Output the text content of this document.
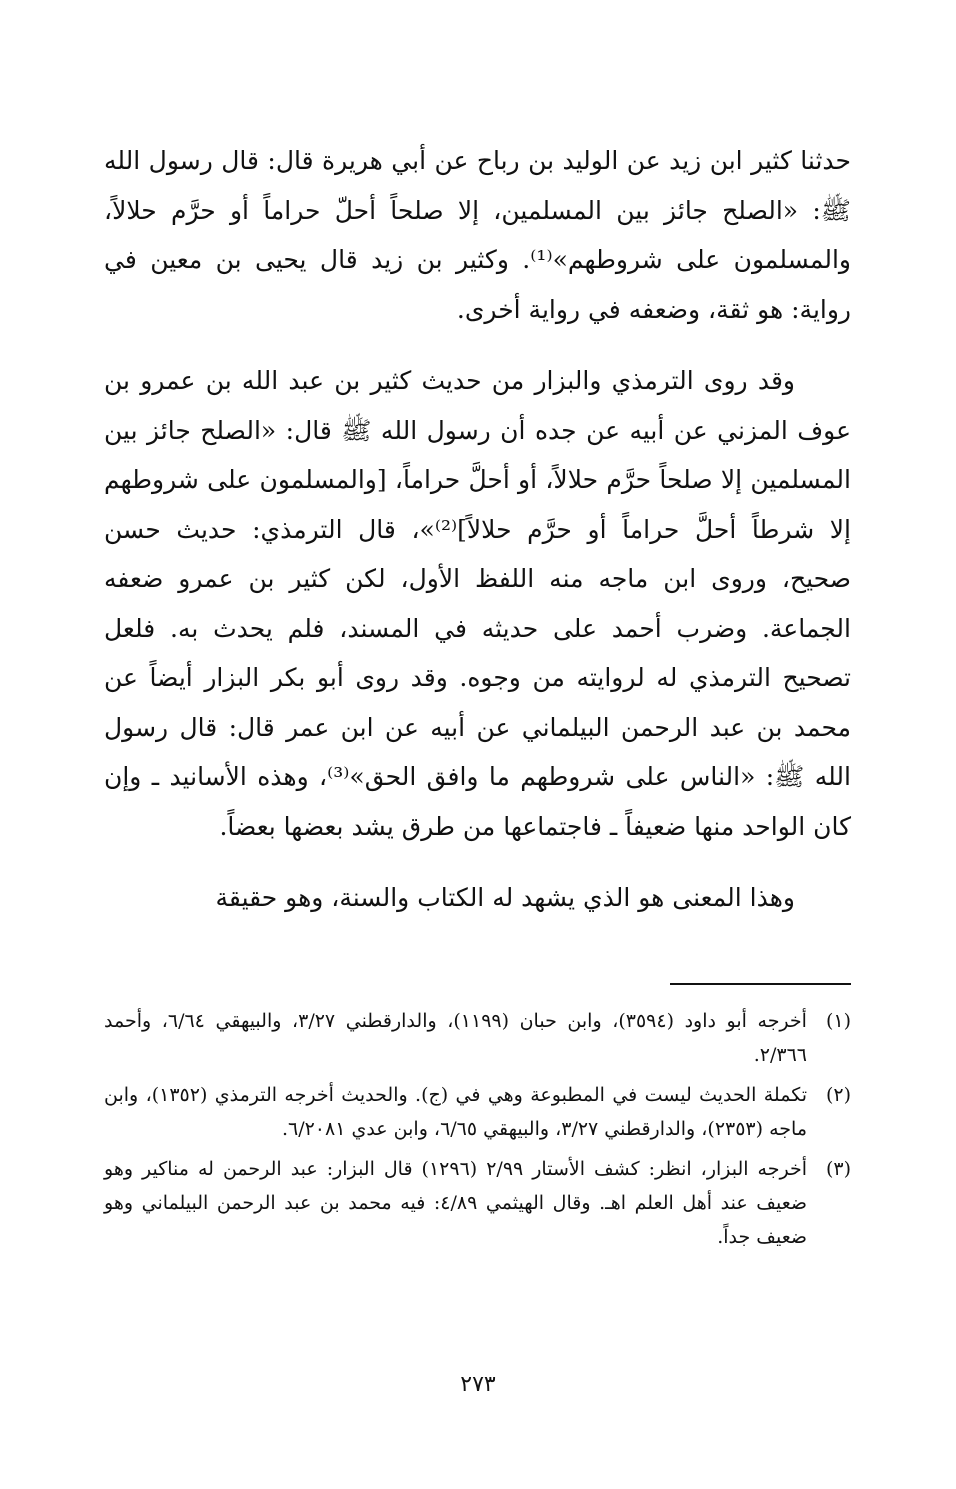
حدثنا كثير ابن زيد عن الوليد بن رباح عن أبي هريرة قال: قال رسول الله ﷺ: «الصلح جائز بين المسلمين، إلا صلحاً أحلّ حراماً أو حرَّم حلالاً، والمسلمون على شروطهم»⁽¹⁾. وكثير بن زيد قال يحيى بن معين في رواية: هو ثقة، وضعفه في رواية أخرى.

وقد روى الترمذي والبزار من حديث كثير بن عبد الله بن عمرو بن عوف المزني عن أبيه عن جده أن رسول الله ﷺ قال: «الصلح جائز بين المسلمين إلا صلحاً حرَّم حلالاً، أو أحلَّ حراماً، [والمسلمون على شروطهم إلا شرطاً أحلَّ حراماً أو حرَّم حلالاً]⁽²⁾»، قال الترمذي: حديث حسن صحيح، وروى ابن ماجه منه اللفظ الأول، لكن كثير بن عمرو ضعفه الجماعة. وضرب أحمد على حديثه في المسند، فلم يحدث به. فلعل تصحيح الترمذي له لروايته من وجوه. وقد روى أبو بكر البزار أيضاً عن محمد بن عبد الرحمن البيلماني عن أبيه عن ابن عمر قال: قال رسول الله ﷺ: «الناس على شروطهم ما وافق الحق»⁽³⁾، وهذه الأسانيد ـ وإن كان الواحد منها ضعيفاً ـ فاجتماعها من طرق يشد بعضها بعضاً.

وهذا المعنى هو الذي يشهد له الكتاب والسنة، وهو حقيقة

(١)
أخرجه أبو داود (٣٥٩٤)، وابن حبان (١١٩٩)، والدارقطني ٣/٢٧، والبيهقي ٦/٦٤، وأحمد ٢/٣٦٦.
(٢)
تكملة الحديث ليست في المطبوعة وهي في (ج). والحديث أخرجه الترمذي (١٣٥٢)، وابن ماجه (٢٣٥٣)، والدارقطني ٣/٢٧، والبيهقي ٦/٦٥، وابن عدي ٦/٢٠٨١.
(٣)
أخرجه البزار، انظر: كشف الأستار ٢/٩٩ (١٢٩٦) قال البزار: عبد الرحمن له مناكير وهو ضعيف عند أهل العلم اهـ. وقال الهيثمي ٤/٨٩: فيه محمد بن عبد الرحمن البيلماني وهو ضعيف جداً.
٢٧٣
